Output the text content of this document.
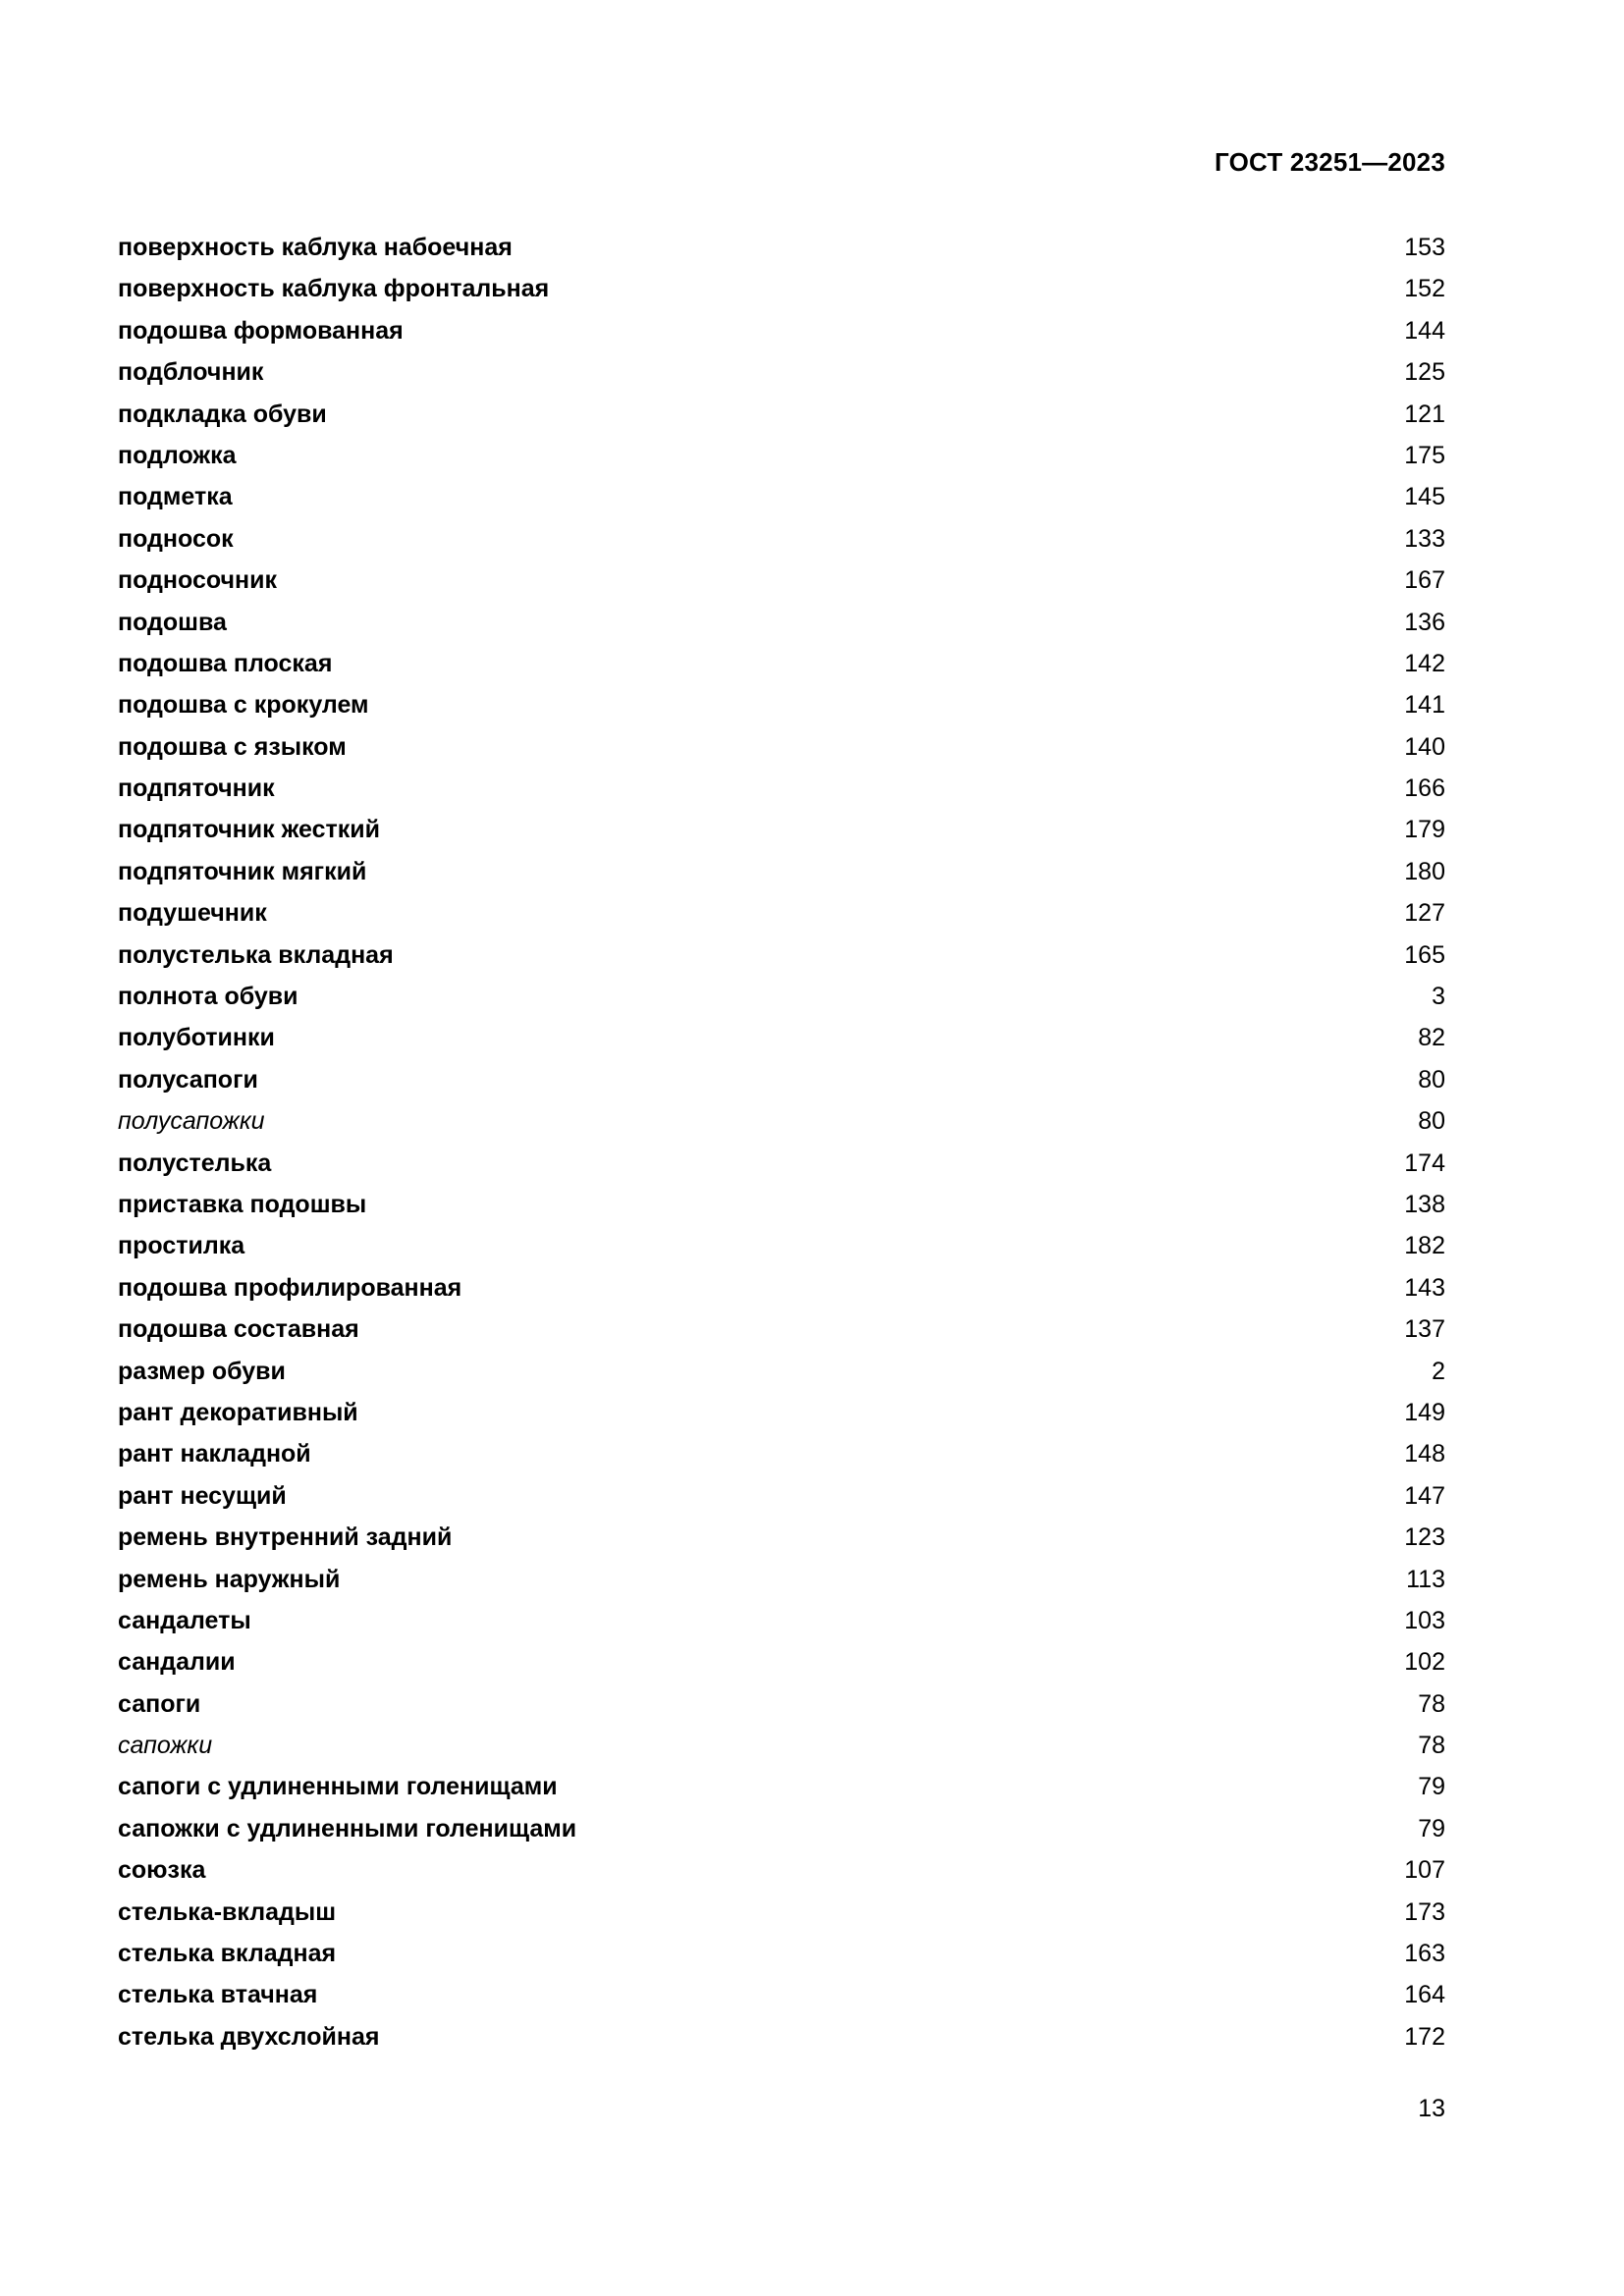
ГОСТ 23251—2023
поверхность каблука набоечная	153
поверхность каблука фронтальная	152
подошва формованная	144
подблочник	125
подкладка обуви	121
подложка	175
подметка	145
подносок	133
подносочник	167
подошва	136
подошва плоская	142
подошва с крокулем	141
подошва с языком	140
подпяточник	166
подпяточник жесткий	179
подпяточник мягкий	180
подушечник	127
полустелька вкладная	165
полнота обуви	3
полуботинки	82
полусапоги	80
полусапожки	80
полустелька	174
приставка подошвы	138
простилка	182
подошва профилированная	143
подошва составная	137
размер обуви	2
рант декоративный	149
рант накладной	148
рант несущий	147
ремень внутренний задний	123
ремень наружный	113
сандалеты	103
сандалии	102
сапоги	78
сапожки	78
сапоги с удлиненными голенищами	79
сапожки с удлиненными голенищами	79
союзка	107
стелька-вкладыш	173
стелька вкладная	163
стелька втачная	164
стелька двухслойная	172
13
